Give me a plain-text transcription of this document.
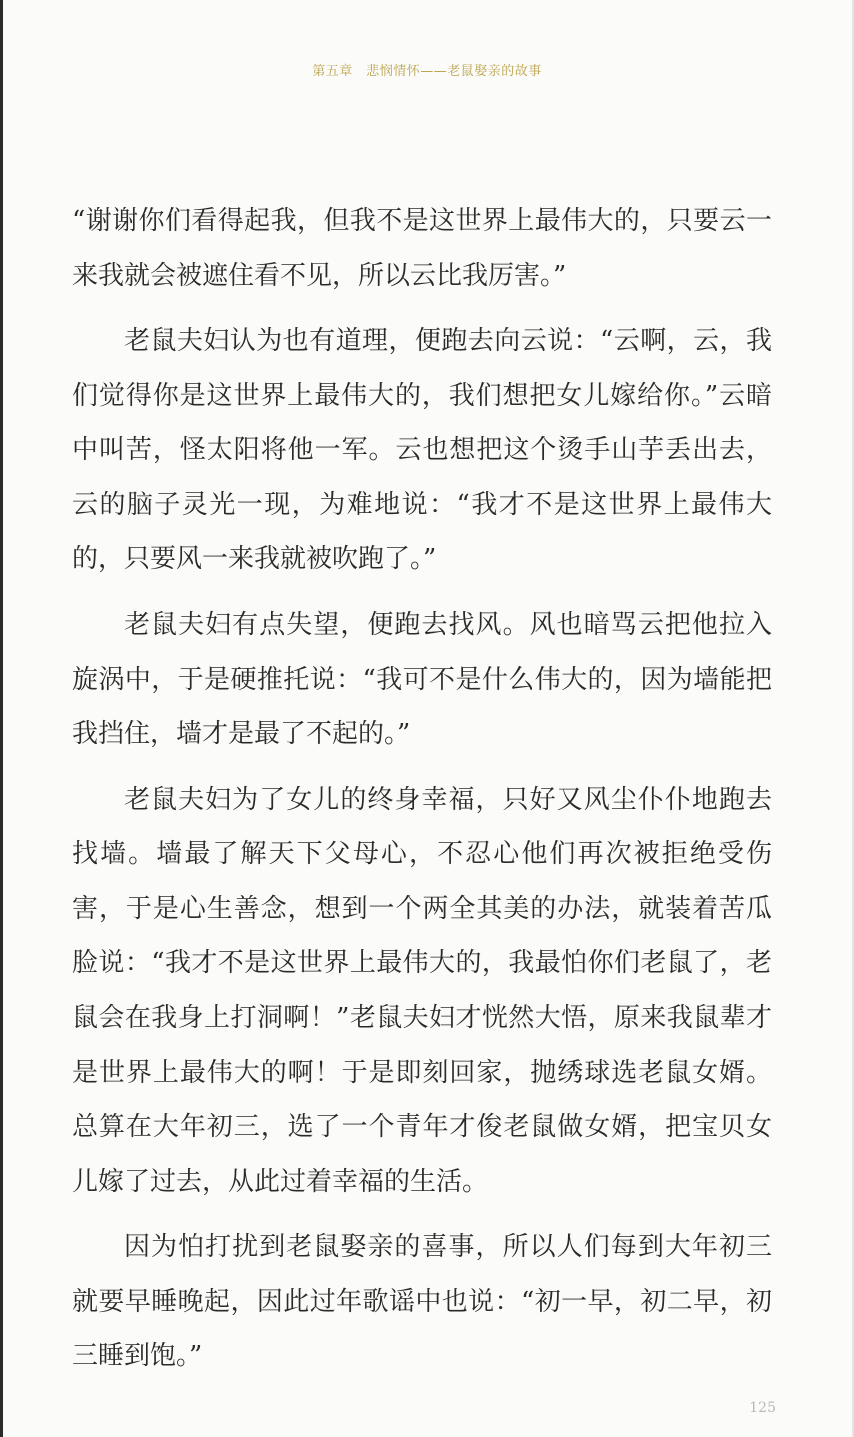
第五章　悲悯情怀——老鼠娶亲的故事

“谢谢你们看得起我，但我不是这世界上最伟大的，只要云一来我就会被遮住看不见，所以云比我厉害。”

老鼠夫妇认为也有道理，便跑去向云说：“云啊，云，我们觉得你是这世界上最伟大的，我们想把女儿嫁给你。”云暗中叫苦，怪太阳将他一军。云也想把这个烫手山芋丢出去，云的脑子灵光一现，为难地说：“我才不是这世界上最伟大的，只要风一来我就被吹跑了。”

老鼠夫妇有点失望，便跑去找风。风也暗骂云把他拉入旋涡中，于是硬推托说：“我可不是什么伟大的，因为墙能把我挡住，墙才是最了不起的。”

老鼠夫妇为了女儿的终身幸福，只好又风尘仆仆地跑去找墙。墙最了解天下父母心，不忍心他们再次被拒绝受伤害，于是心生善念，想到一个两全其美的办法，就装着苦瓜脸说：“我才不是这世界上最伟大的，我最怕你们老鼠了，老鼠会在我身上打洞啊！”老鼠夫妇才恍然大悟，原来我鼠辈才是世界上最伟大的啊！于是即刻回家，抛绣球选老鼠女婿。总算在大年初三，选了一个青年才俊老鼠做女婿，把宝贝女儿嫁了过去，从此过着幸福的生活。

因为怕打扰到老鼠娶亲的喜事，所以人们每到大年初三就要早睡晚起，因此过年歌谣中也说：“初一早，初二早，初三睡到饱。”

125
